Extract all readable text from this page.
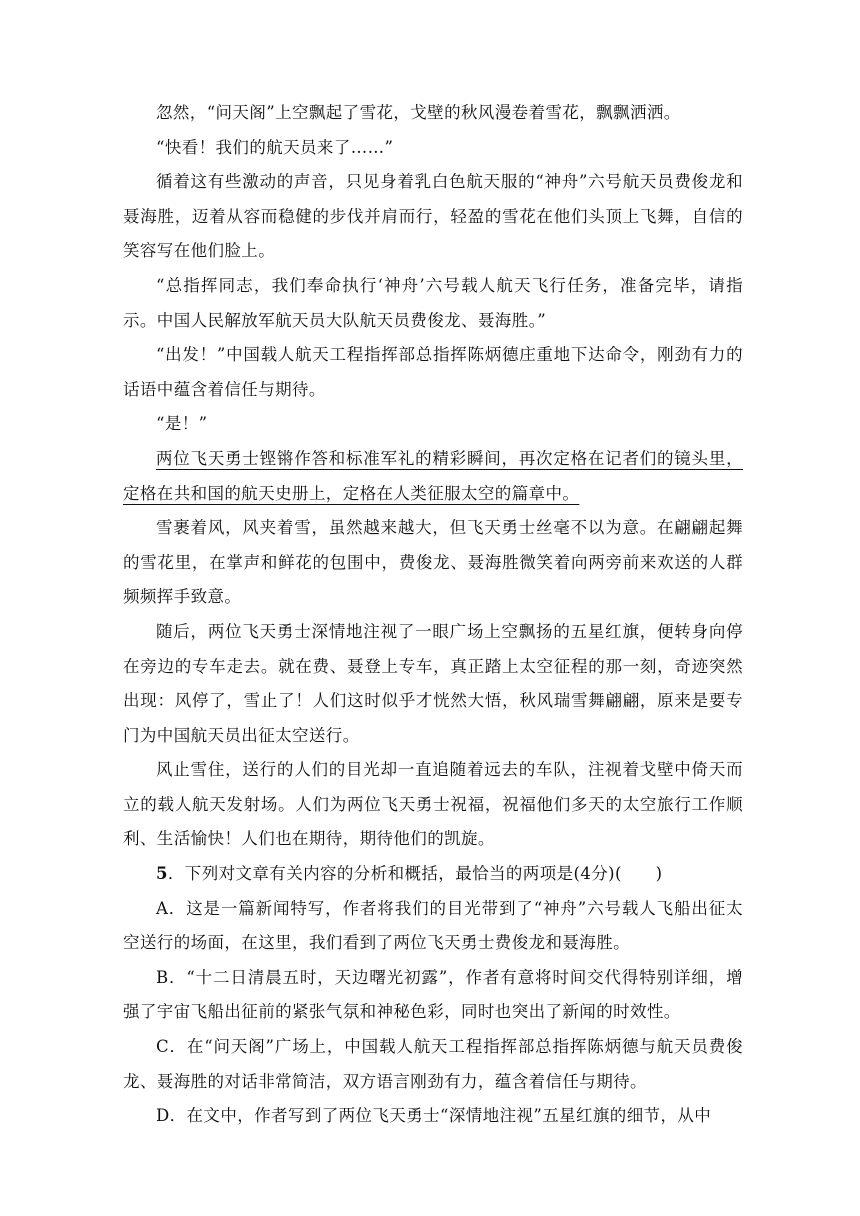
忽然，“问天阁”上空飘起了雪花，戈壁的秋风漫卷着雪花，飘飘洒洒。

“快看！我们的航天员来了……”

循着这有些激动的声音，只见身着乳白色航天服的“神舟”六号航天员费俊龙和聂海胜，迈着从容而稳健的步伐并肩而行，轻盈的雪花在他们头顶上飞舞，自信的笑容写在他们脸上。

“总指挥同志，我们奉命执行‘神舟’六号载人航天飞行任务，准备完毕，请指示。中国人民解放军航天员大队航天员费俊龙、聂海胜。”

“出发！”中国载人航天工程指挥部总指挥陈炳德庄重地下达命令，刚劲有力的话语中蕴含着信任与期待。

“是！”

两位飞天勇士铿锵作答和标准军礼的精彩瞬间，再次定格在记者们的镜头里，定格在共和国的航天史册上，定格在人类征服太空的篇章中。

雪裹着风，风夹着雪，虽然越来越大，但飞天勇士丝毫不以为意。在翩翩起舞的雪花里，在掌声和鲜花的包围中，费俊龙、聂海胜微笑着向两旁前来欢送的人群频频挥手致意。

随后，两位飞天勇士深情地注视了一眼广场上空飘扬的五星红旗，便转身向停在旁边的专车走去。就在费、聂登上专车，真正踏上太空征程的那一刻，奇迹突然出现：风停了，雪止了！人们这时似乎才恍然大悟，秋风瑞雪舞翩翩，原来是要专门为中国航天员出征太空送行。

风止雪住，送行的人们的目光却一直追随着远去的车队，注视着戈壁中倚天而立的载人航天发射场。人们为两位飞天勇士祝福，祝福他们多天的太空旅行工作顺利、生活愉快！人们也在期待，期待他们的凯旋。

5．下列对文章有关内容的分析和概括，最恰当的两项是(4分)(　　)

A．这是一篇新闻特写，作者将我们的目光带到了“神舟”六号载人飞船出征太空送行的场面，在这里，我们看到了两位飞天勇士费俊龙和聂海胜。

B．“十二日清晨五时，天边曙光初露”，作者有意将时间交代得特别详细，增强了宇宙飞船出征前的紧张气氛和神秘色彩，同时也突出了新闻的时效性。

C．在“问天阁”广场上，中国载人航天工程指挥部总指挥陈炳德与航天员费俊龙、聂海胜的对话非常简洁，双方语言刚劲有力，蕴含着信任与期待。

D．在文中，作者写到了两位飞天勇士“深情地注视”五星红旗的细节，从中
